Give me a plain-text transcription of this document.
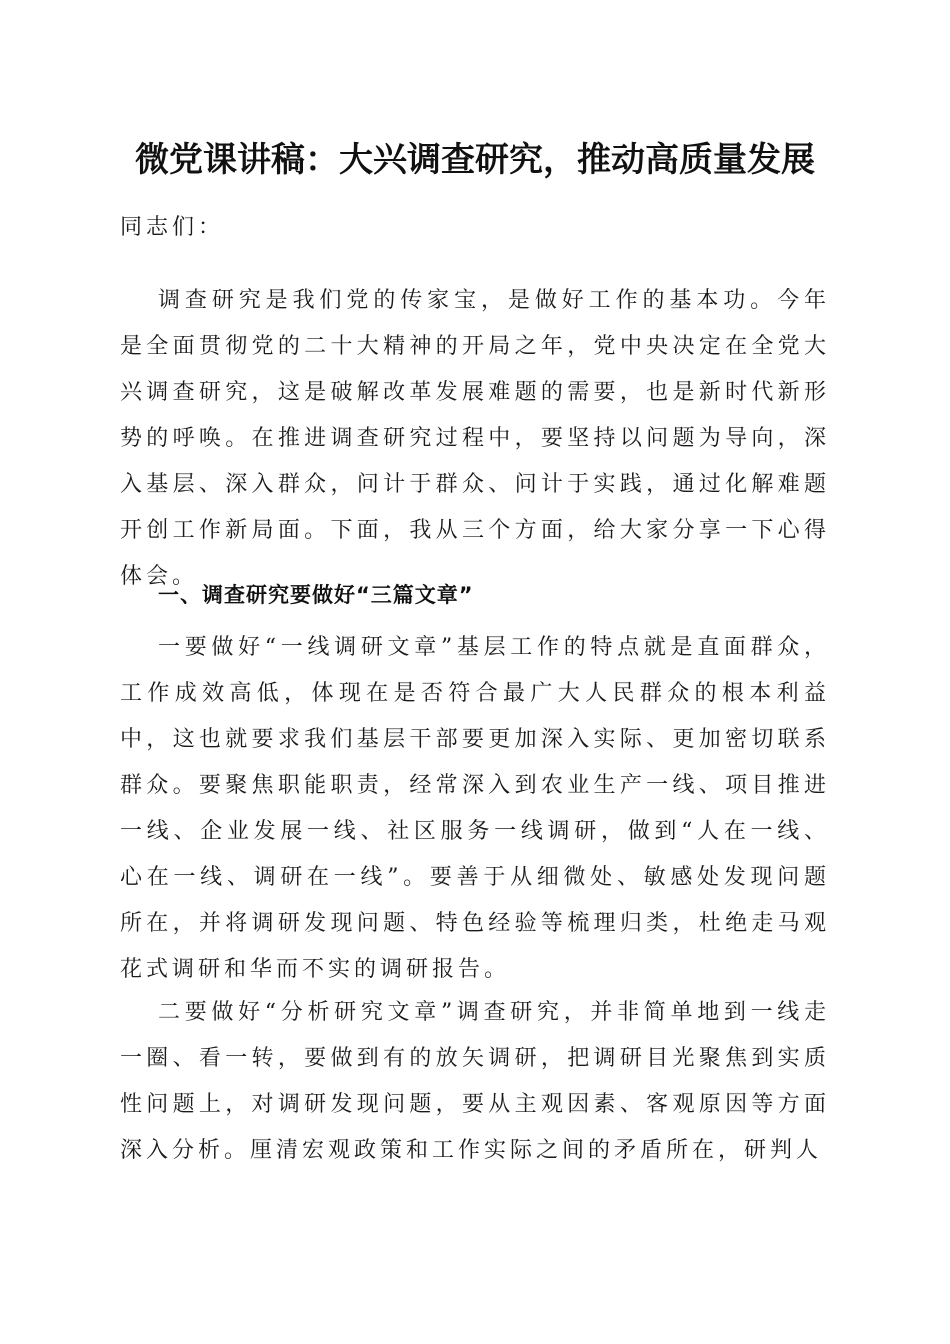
微党课讲稿：大兴调查研究，推动高质量发展
同志们：

调查研究是我们党的传家宝，是做好工作的基本功。今年是全面贯彻党的二十大精神的开局之年，党中央决定在全党大兴调查研究，这是破解改革发展难题的需要，也是新时代新形势的呼唤。在推进调查研究过程中，要坚持以问题为导向，深入基层、深入群众，问计于群众、问计于实践，通过化解难题开创工作新局面。下面，我从三个方面，给大家分享一下心得体会。

一、调查研究要做好“三篇文章”

一要做好“一线调研文章”基层工作的特点就是直面群众，工作成效高低，体现在是否符合最广大人民群众的根本利益中，这也就要求我们基层干部要更加深入实际、更加密切联系群众。要聚焦职能职责，经常深入到农业生产一线、项目推进一线、企业发展一线、社区服务一线调研，做到“人在一线、心在一线、调研在一线”。要善于从细微处、敏感处发现问题所在，并将调研发现问题、特色经验等梳理归类，杜绝走马观花式调研和华而不实的调研报告。

二要做好“分析研究文章”调查研究，并非简单地到一线走一圈、看一转，要做到有的放矢调研，把调研目光聚焦到实质性问题上，对调研发现问题，要从主观因素、客观原因等方面深入分析。厘清宏观政策和工作实际之间的矛盾所在，研判人
